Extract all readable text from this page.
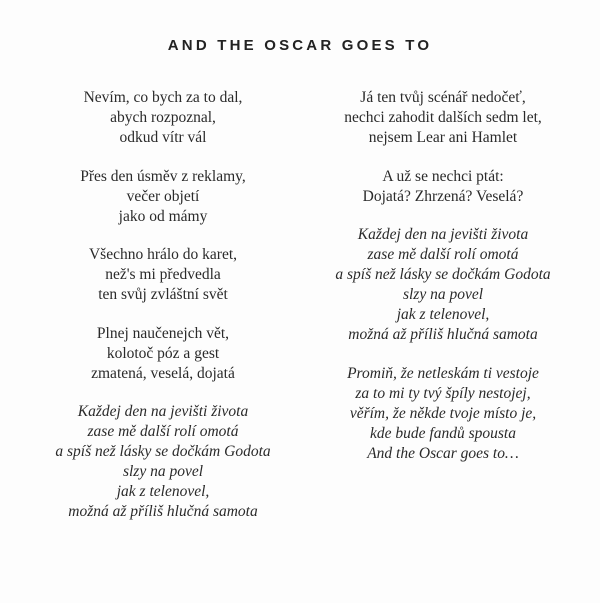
AND THE OSCAR GOES TO
Nevím, co bych za to dal,
abych rozpoznal,
odkud vítr vál
Přes den úsměv z reklamy,
večer objetí
jako od mámy
Všechno hrálo do karet,
než's mi předvedla
ten svůj zvláštní svět
Plnej naučenejch vět,
kolotoč póz a gest
zmatená, veselá, dojatá
Každej den na jevišti života
zase mě další rolí omotá
a spíš než lásky se dočkám Godota
slzy na povel
jak z telenovel,
možná až příliš hlučná samota
Já ten tvůj scénář nedočeť,
nechci zahodit dalších sedm let,
nejsem Lear ani Hamlet
A už se nechci ptát:
Dojatá? Zhrzená? Veselá?
Každej den na jevišti života
zase mě další rolí omotá
a spíš než lásky se dočkám Godota
slzy na povel
jak z telenovel,
možná až příliš hlučná samota
Promiň, že netleskám ti vestoje
za to mi ty tvý špíly nestojej,
věřím, že někde tvoje místo je,
kde bude fandů spousta
And the Oscar goes to…
